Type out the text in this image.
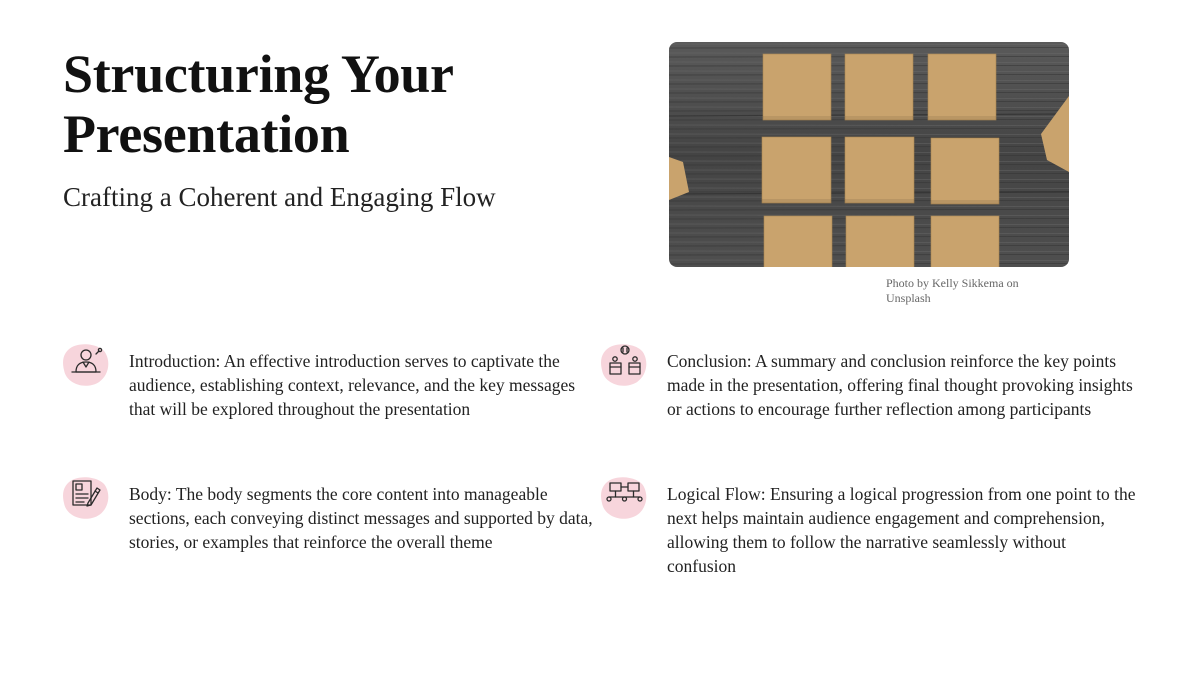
Structuring Your Presentation

Crafting a Coherent and Engaging Flow

Photo by Kelly Sikkema on Unsplash

Introduction: An effective introduction serves to captivate the audience, establishing context, relevance, and the key messages that will be explored throughout the presentation

Conclusion: A summary and conclusion reinforce the key points made in the presentation, offering final thought provoking insights or actions to encourage further reflection among participants

Body: The body segments the core content into manageable sections, each conveying distinct messages and supported by data, stories, or examples that reinforce the overall theme

Logical Flow: Ensuring a logical progression from one point to the next helps maintain audience engagement and comprehension, allowing them to follow the narrative seamlessly without confusion
